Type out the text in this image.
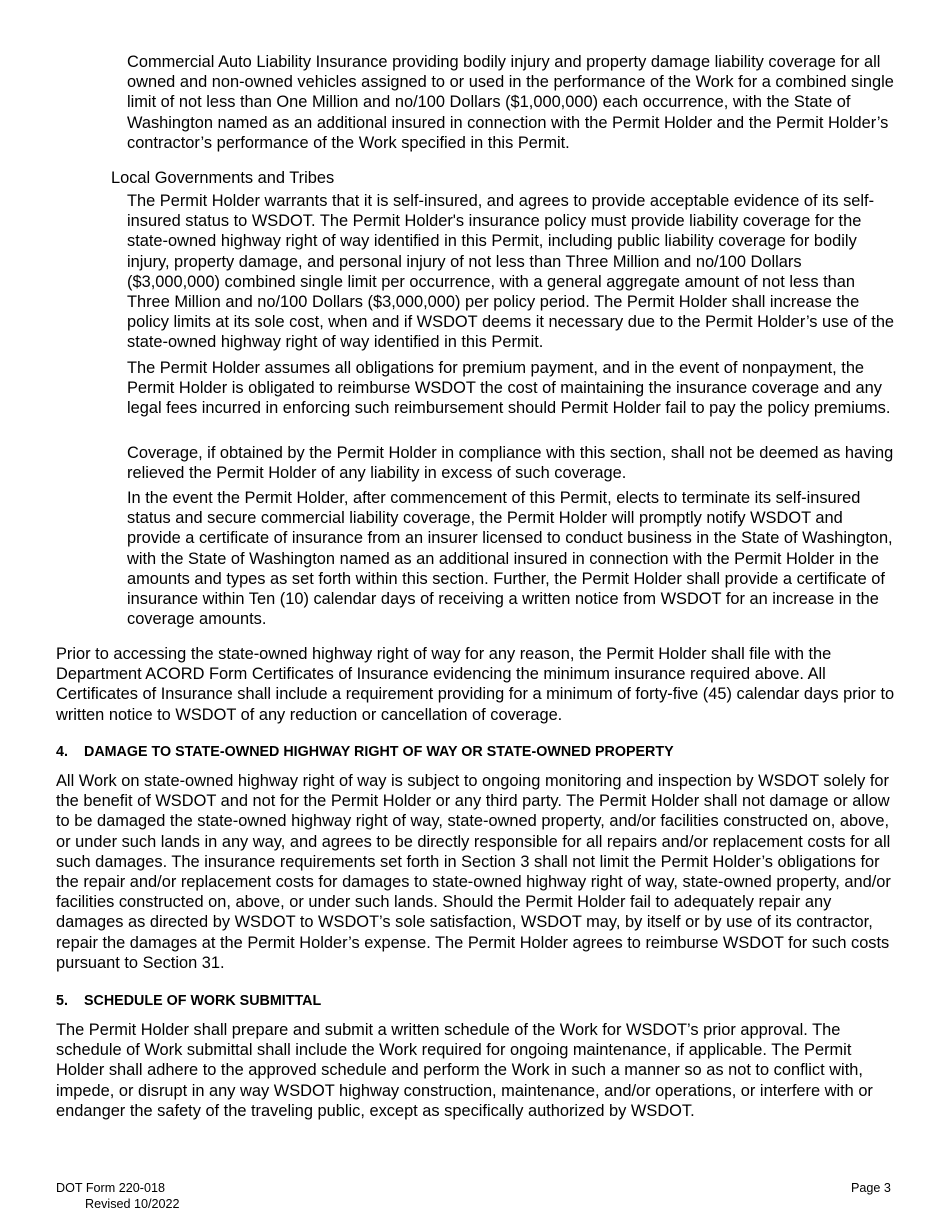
Commercial Auto Liability Insurance providing bodily injury and property damage liability coverage for all owned and non-owned vehicles assigned to or used in the performance of the Work for a combined single limit of not less than One Million and no/100 Dollars ($1,000,000) each occurrence, with the State of Washington named as an additional insured in connection with the Permit Holder and the Permit Holder’s contractor’s performance of the Work specified in this Permit.

Local Governments and Tribes

The Permit Holder warrants that it is self-insured, and agrees to provide acceptable evidence of its self-insured status to WSDOT. The Permit Holder's insurance policy must provide liability coverage for the state-owned highway right of way identified in this Permit, including public liability coverage for bodily injury, property damage, and personal injury of not less than Three Million and no/100 Dollars ($3,000,000) combined single limit per occurrence, with a general aggregate amount of not less than Three Million and no/100 Dollars ($3,000,000) per policy period. The Permit Holder shall increase the policy limits at its sole cost, when and if WSDOT deems it necessary due to the Permit Holder’s use of the state-owned highway right of way identified in this Permit.

The Permit Holder assumes all obligations for premium payment, and in the event of nonpayment, the Permit Holder is obligated to reimburse WSDOT the cost of maintaining the insurance coverage and any legal fees incurred in enforcing such reimbursement should Permit Holder fail to pay the policy premiums.

Coverage, if obtained by the Permit Holder in compliance with this section, shall not be deemed as having relieved the Permit Holder of any liability in excess of such coverage.

In the event the Permit Holder, after commencement of this Permit, elects to terminate its self-insured status and secure commercial liability coverage, the Permit Holder will promptly notify WSDOT and provide a certificate of insurance from an insurer licensed to conduct business in the State of Washington, with the State of Washington named as an additional insured in connection with the Permit Holder in the amounts and types as set forth within this section. Further, the Permit Holder shall provide a certificate of insurance within Ten (10) calendar days of receiving a written notice from WSDOT for an increase in the coverage amounts.

Prior to accessing the state-owned highway right of way for any reason, the Permit Holder shall file with the Department ACORD Form Certificates of Insurance evidencing the minimum insurance required above. All Certificates of Insurance shall include a requirement providing for a minimum of forty-five (45) calendar days prior to written notice to WSDOT of any reduction or cancellation of coverage.

4. DAMAGE TO STATE-OWNED HIGHWAY RIGHT OF WAY OR STATE-OWNED PROPERTY

All Work on state-owned highway right of way is subject to ongoing monitoring and inspection by WSDOT solely for the benefit of WSDOT and not for the Permit Holder or any third party. The Permit Holder shall not damage or allow to be damaged the state-owned highway right of way, state-owned property, and/or facilities constructed on, above, or under such lands in any way, and agrees to be directly responsible for all repairs and/or replacement costs for all such damages. The insurance requirements set forth in Section 3 shall not limit the Permit Holder’s obligations for the repair and/or replacement costs for damages to state-owned highway right of way, state-owned property, and/or facilities constructed on, above, or under such lands. Should the Permit Holder fail to adequately repair any damages as directed by WSDOT to WSDOT’s sole satisfaction, WSDOT may, by itself or by use of its contractor, repair the damages at the Permit Holder’s expense. The Permit Holder agrees to reimburse WSDOT for such costs pursuant to Section 31.

5. SCHEDULE OF WORK SUBMITTAL

The Permit Holder shall prepare and submit a written schedule of the Work for WSDOT’s prior approval. The schedule of Work submittal shall include the Work required for ongoing maintenance, if applicable. The Permit Holder shall adhere to the approved schedule and perform the Work in such a manner so as not to conflict with, impede, or disrupt in any way WSDOT highway construction, maintenance, and/or operations, or interfere with or endanger the safety of the traveling public, except as specifically authorized by WSDOT.

DOT Form 220-018
Revised 10/2022
Page 3
